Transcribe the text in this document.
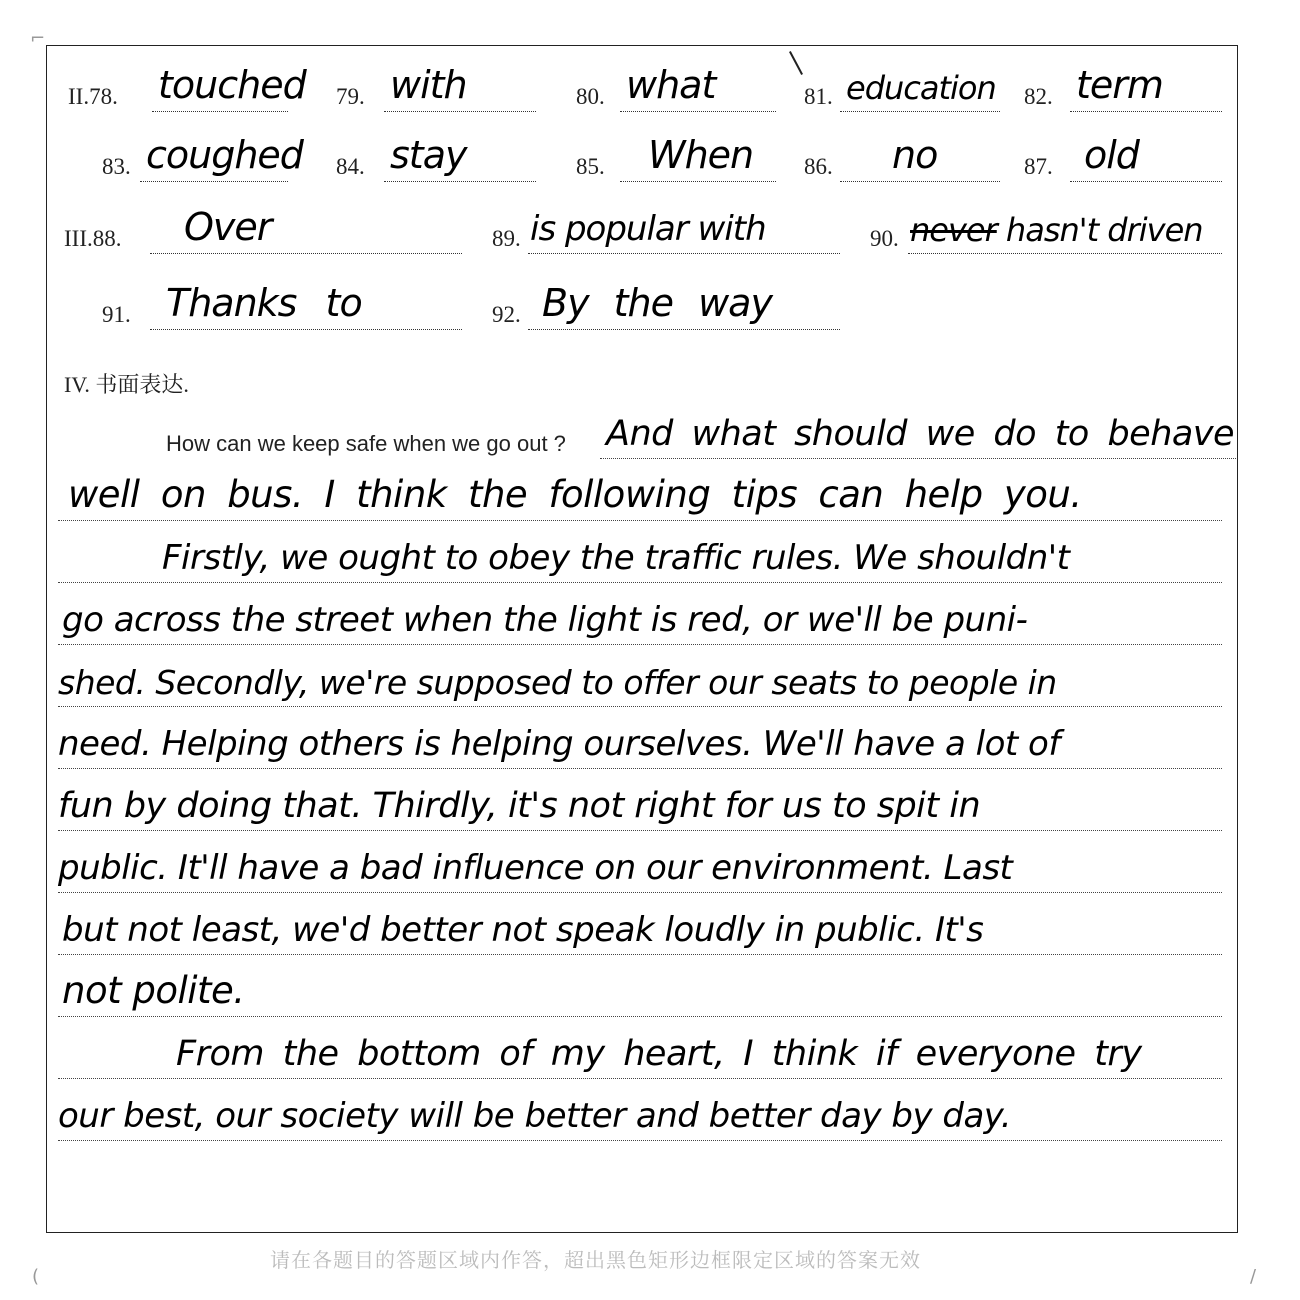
⌐
II.78. touched 79. with	80. what	81. education 82. term
83. coughed 84. stay	85. When 86. no	87. old
III.88. Over	89. is popular with	90. never hasn't driven
91. Thanks to	92. By the way
IV. 书面表达.
How can we keep safe when we go out ? And what should we do to behave
well on bus. I think the following tips can help you.
Firstly, we ought to obey the traffic rules. We shouldn't
go across the street when the light is red, or we'll be puni-
shed. Secondly, we're supposed to offer our seats to people in
need. Helping others is helping ourselves. We'll have a lot of
fun by doing that. Thirdly, it's not right for us to spit in
public. It'll have a bad influence on our environment. Last
but not least, we'd better not speak loudly in public. It's
not polite.
From the bottom of my heart, I think if everyone try
our best, our society will be better and better day by day.
请在各题目的答题区域内作答，超出黑色矩形边框限定区域的答案无效
(	/
